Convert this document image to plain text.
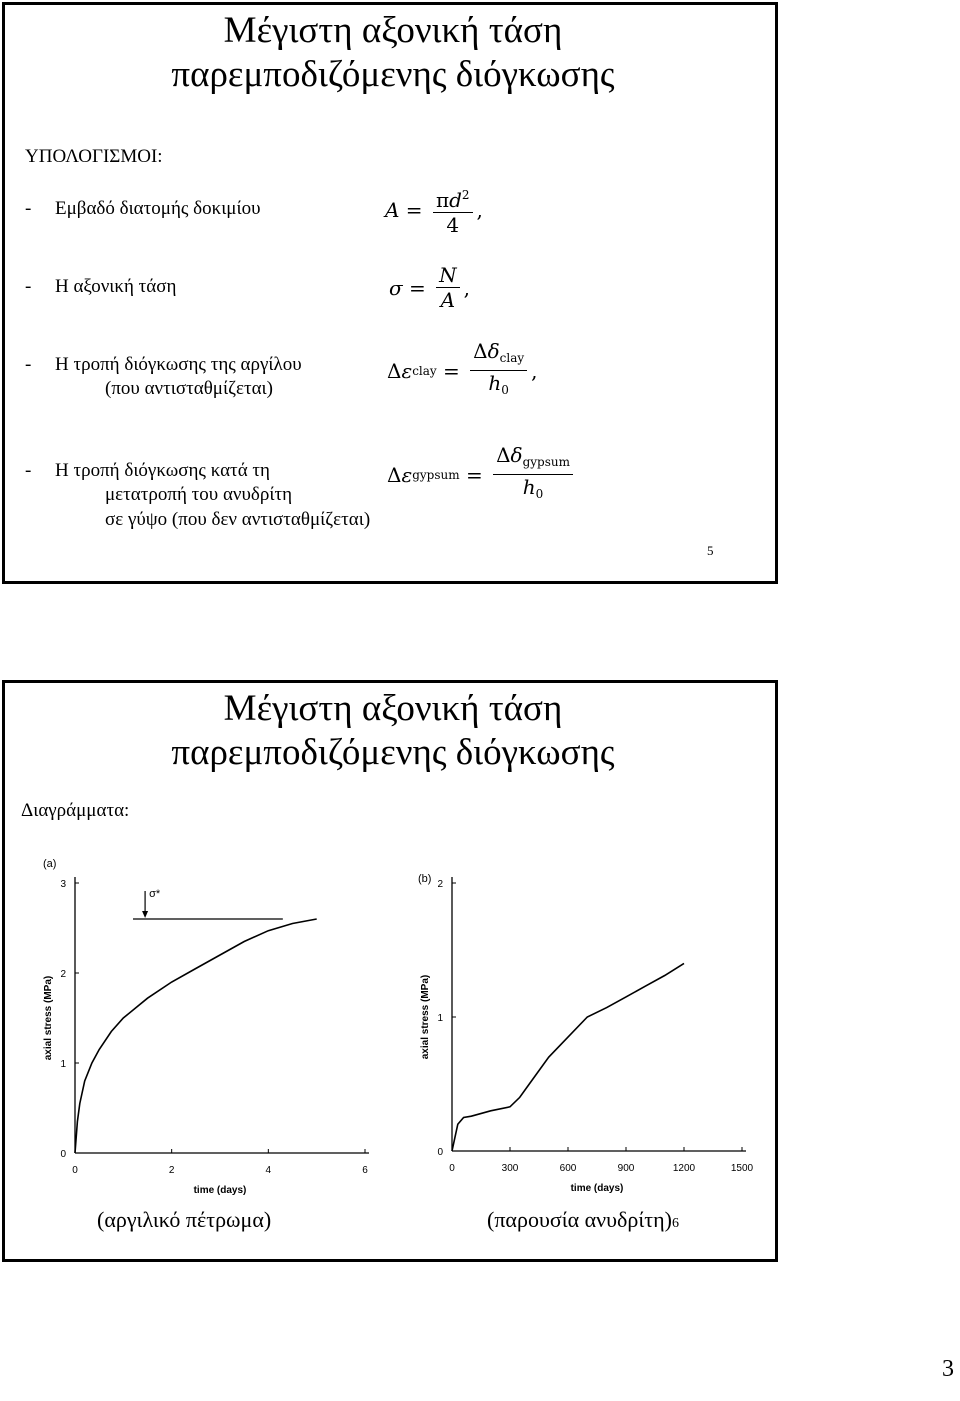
Μέγιστη αξονική τάση
παρεμποδιζόμενης διόγκωσης
ΥΠΟΛΟΓΙΣΜΟΙ:
- Εμβαδό διατομής δοκιμίου	$A = \frac{\pi d^2}{4}$ ,
- Η αξονική τάση	$\sigma = \frac{N}{A}$ ,
- Η τροπή διόγκωσης της αργίλου
(που αντισταθμίζεται)
Δ ε clay = $\frac{\Delta\delta_{clay}}{h_0}$ ,
- Η τροπή διόγκωσης κατά τη
μετατροπή του ανυδρίτη
σε γύψο (που δεν αντισταθμίζεται)
Δ ε gypsum = $\frac{\Delta\delta_{gypsum}}{h_0}$
5
Μέγιστη αξονική τάση
παρεμποδιζόμενης διόγκωσης
Διαγράμματα:
(a)
0	2	4	6
0
1
2
3
time (days)
axial stress (MPa)
σ*
(b)
0	300	600	900	1200	1500
0
1
2
time (days)
axial stress (MPa)
(αργιλικό πέτρωμα)	(παρουσία ανυδρίτη)6
3
